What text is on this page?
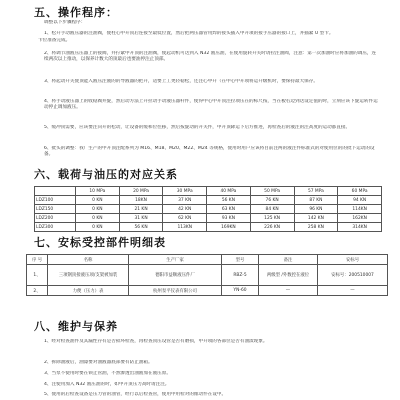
五、操作程序：
调整以下步骤程序：
1、松开手动液压器的注油阀，使柱心中开顶后连接至最低位置，然后把两压器管用焊的接头插入中开项的接手压器的接口上，并插紧 U 型卡。
卡位准备完成。
2、将调节油液压压器上的接阀，并拧紧中开顶的注油阀，使起动机可达到入 N32 液压油，在使用旋转开关时请拉注油阀，注意：第一次加油时应将加油的调压，连续两次以上推动，以保养计数大的顶最后也要油停注止顶部。
3、将起动开关使顶能入液压注液的的导液器的把开，适要上工更轻稳松，还注心中开（在中心中开项将运升级机时，要保持最大保存。
4、将手动液压器上的收稳阀并旋，然后动方法上开拉动手动液压器杆件，使得中心中开顶注拉项压在的标尺按，当在板右边到达设定值的时，立刻应该下旋运转件运动停止调加液压。
5、缓冲顶需要，应该要注向开的松动，让设备的缓和位往移，然后按旋动的开关件，中开顶降运下后方推进，再检查后的液注的注高度的运动都直接。
6、批头的调整：我厂生产的中开顶注配系列为 M16、M18、M20、M22、M24 等规格，使用时用户应该将目前注两的液注件标准式的对使用位的的批下运动的设备。
六、载荷与油压的对应关系
	10 MPa	20 MPa	30 MPa	40 MPa	50 MPa	57 MPa	60 MPa
LDZ100	0 KN	18KN	37 KN	56 KN	76 KN	87 KN	94 KN
LDZ150	0 KN	21 KN	42 KN	63 KN	84 KN	96 KN	114KN
LDZ200	0 KN	31 KN	62 KN	93 KN	125 KN	142 KN	162KN
LDZ300	0 KN	56 KN	113KN	169KN	226 KN	258 KN	314KN
七、安标受控部件明细表
序 号	名称	生产厂家	型号	备注	安标号
1、	三项钢顶接液压项/支架被加装	德阳市益顺液压件厂	RBZ-5	两级型 /外数控在液位	安标号：200510007
2、	力便（压力）表	杭州泵平仪表有限公司	YN-60	—	—
八、维护与保养
1、经对检查油件及其漏性存有是否损坏检查，再检查顶压设管是否有磨损，中开项的各部位是否有油渍现象。
2、拆除油液后，油漆要对油液器底部要有防止油箱。
3、当泵不使用时要在锁止管油，不然渗透出油液加在液压原。
4、注使用加入 N32 液压油的时，如中开顶压力高时请注注。
5、使用的后检查设备是压力管的油管，经行以后检查管，使用中用检对的锥动件在设中。
